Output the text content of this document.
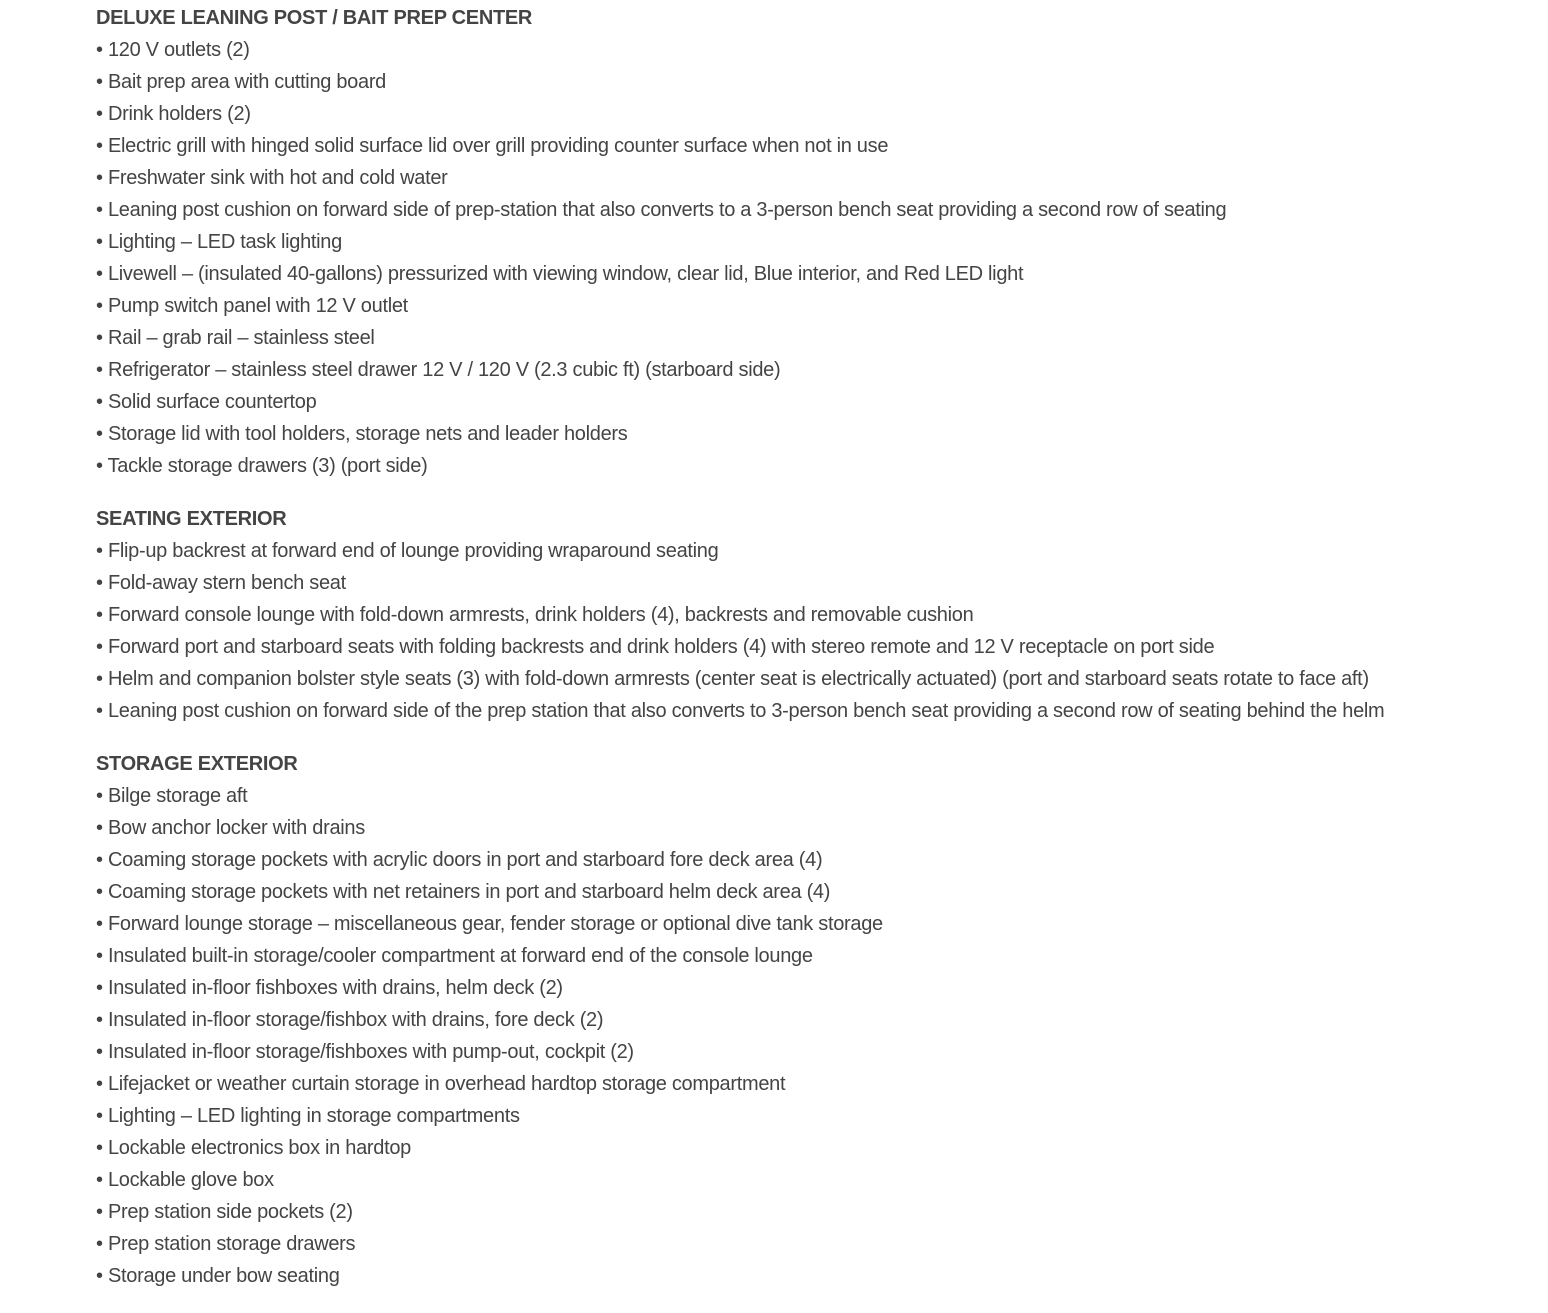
DELUXE LEANING POST / BAIT PREP CENTER
• 120 V outlets (2)
• Bait prep area with cutting board
• Drink holders (2)
• Electric grill with hinged solid surface lid over grill providing counter surface when not in use
• Freshwater sink with hot and cold water
• Leaning post cushion on forward side of prep-station that also converts to a 3-person bench seat providing a second row of seating
• Lighting – LED task lighting
• Livewell – (insulated 40-gallons) pressurized with viewing window, clear lid, Blue interior, and Red LED light
• Pump switch panel with 12 V outlet
• Rail – grab rail – stainless steel
• Refrigerator – stainless steel drawer 12 V / 120 V (2.3 cubic ft) (starboard side)
• Solid surface countertop
• Storage lid with tool holders, storage nets and leader holders
• Tackle storage drawers (3) (port side)
SEATING EXTERIOR
• Flip-up backrest at forward end of lounge providing wraparound seating
• Fold-away stern bench seat
• Forward console lounge with fold-down armrests, drink holders (4), backrests and removable cushion
• Forward port and starboard seats with folding backrests and drink holders (4) with stereo remote and 12 V receptacle on port side
• Helm and companion bolster style seats (3) with fold-down armrests (center seat is electrically actuated) (port and starboard seats rotate to face aft)
• Leaning post cushion on forward side of the prep station that also converts to 3-person bench seat providing a second row of seating behind the helm
STORAGE EXTERIOR
• Bilge storage aft
• Bow anchor locker with drains
• Coaming storage pockets with acrylic doors in port and starboard fore deck area (4)
• Coaming storage pockets with net retainers in port and starboard helm deck area (4)
• Forward lounge storage – miscellaneous gear, fender storage or optional dive tank storage
• Insulated built-in storage/cooler compartment at forward end of the console lounge
• Insulated in-floor fishboxes with drains, helm deck (2)
• Insulated in-floor storage/fishbox with drains, fore deck (2)
• Insulated in-floor storage/fishboxes with pump-out, cockpit (2)
• Lifejacket or weather curtain storage in overhead hardtop storage compartment
• Lighting – LED lighting in storage compartments
• Lockable electronics box in hardtop
• Lockable glove box
• Prep station side pockets (2)
• Prep station storage drawers
• Storage under bow seating
